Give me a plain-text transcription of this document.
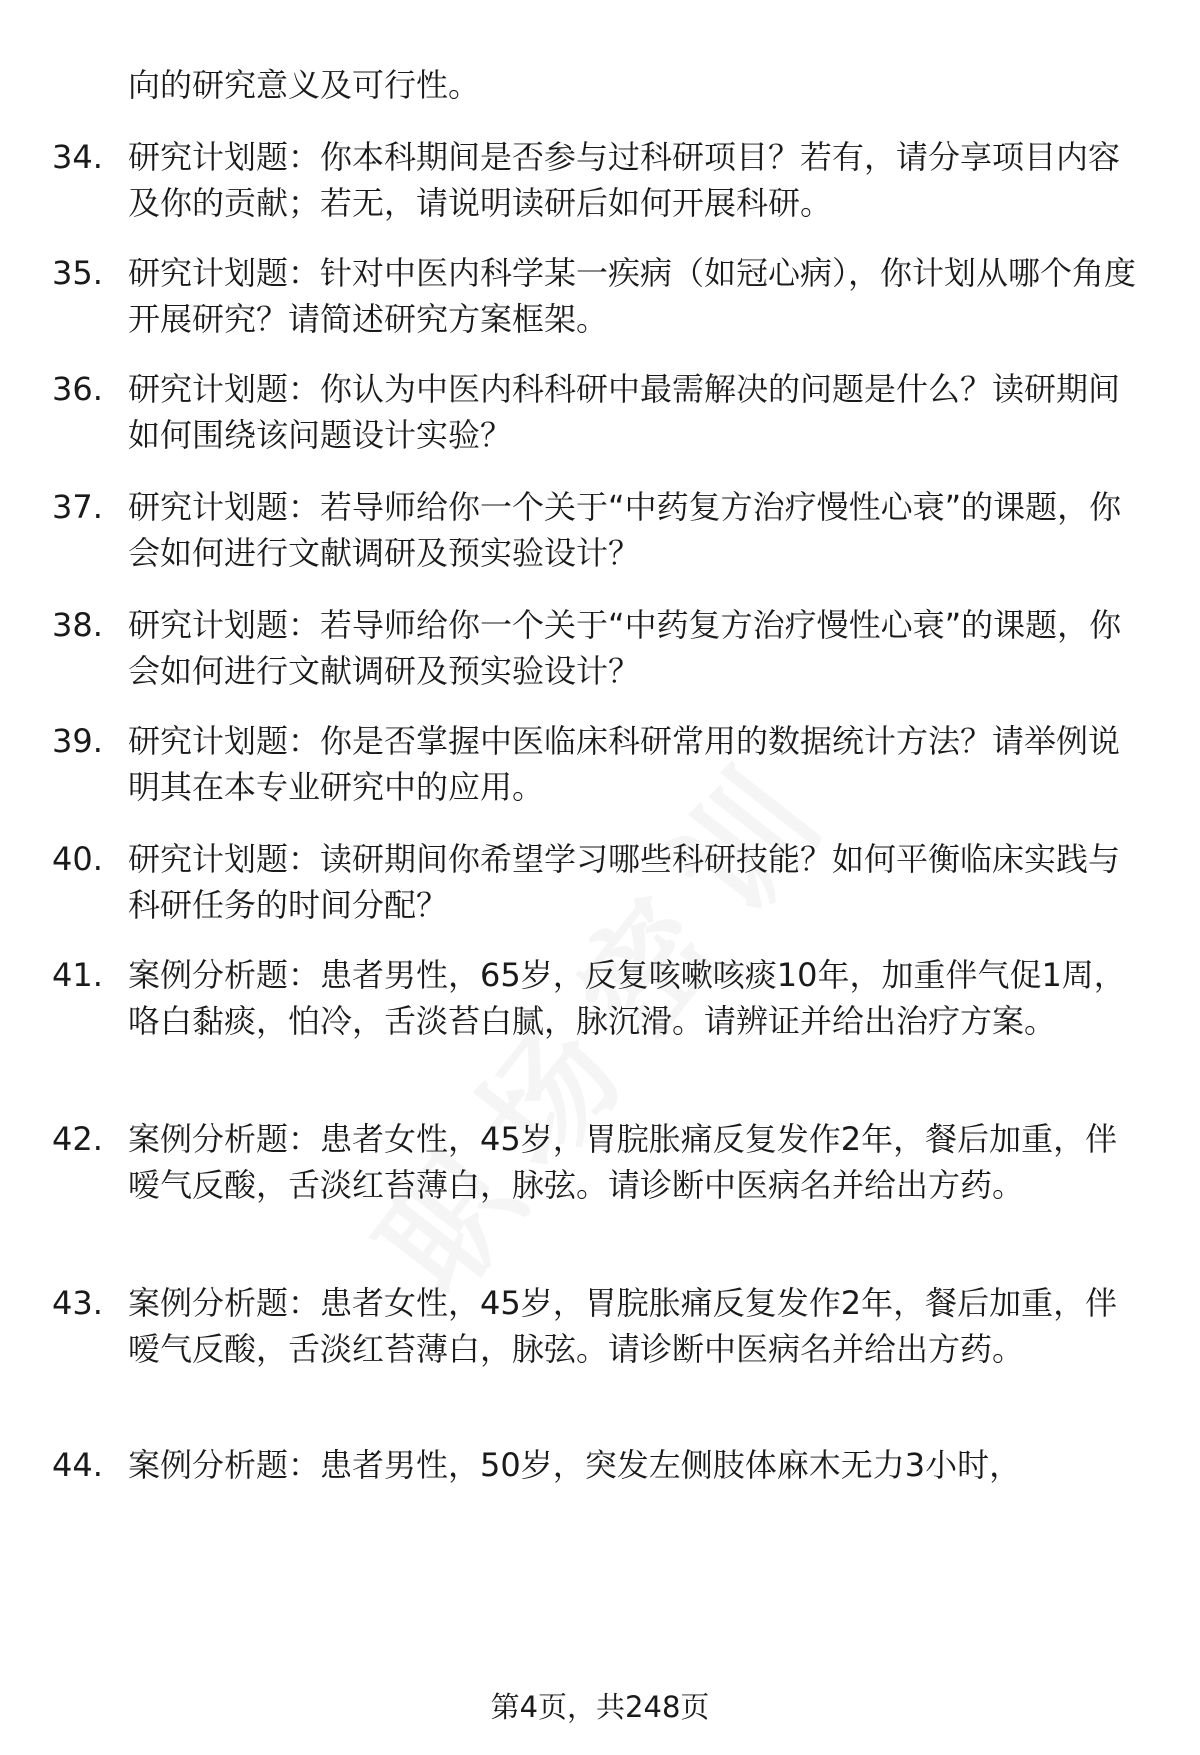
向的研究意义及可行性。
34. 研究计划题：你本科期间是否参与过科研项目？若有，请分享项目内容及你的贡献；若无，请说明读研后如何开展科研。
35. 研究计划题：针对中医内科学某一疾病（如冠心病），你计划从哪个角度开展研究？请简述研究方案框架。
36. 研究计划题：你认为中医内科科研中最需解决的问题是什么？读研期间如何围绕该问题设计实验？
37. 研究计划题：若导师给你一个关于“中药复方治疗慢性心衰”的课题，你会如何进行文献调研及预实验设计？
38. 研究计划题：若导师给你一个关于“中药复方治疗慢性心衰”的课题，你会如何进行文献调研及预实验设计？
39. 研究计划题：你是否掌握中医临床科研常用的数据统计方法？请举例说明其在本专业研究中的应用。
40. 研究计划题：读研期间你希望学习哪些科研技能？如何平衡临床实践与科研任务的时间分配？
41. 案例分析题：患者男性，65岁，反复咳嗽咳痰10年，加重伴气促1周，咯白黏痰，怕冷，舌淡苔白腻，脉沉滑。请辨证并给出治疗方案。
42. 案例分析题：患者女性，45岁，胃脘胀痛反复发作2年，餐后加重，伴嗳气反酸，舌淡红苔薄白，脉弦。请诊断中医病名并给出方药。
43. 案例分析题：患者女性，45岁，胃脘胀痛反复发作2年，餐后加重，伴嗳气反酸，舌淡红苔薄白，脉弦。请诊断中医病名并给出方药。
44. 案例分析题：患者男性，50岁，突发左侧肢体麻木无力3小时，
第4页，共248页
